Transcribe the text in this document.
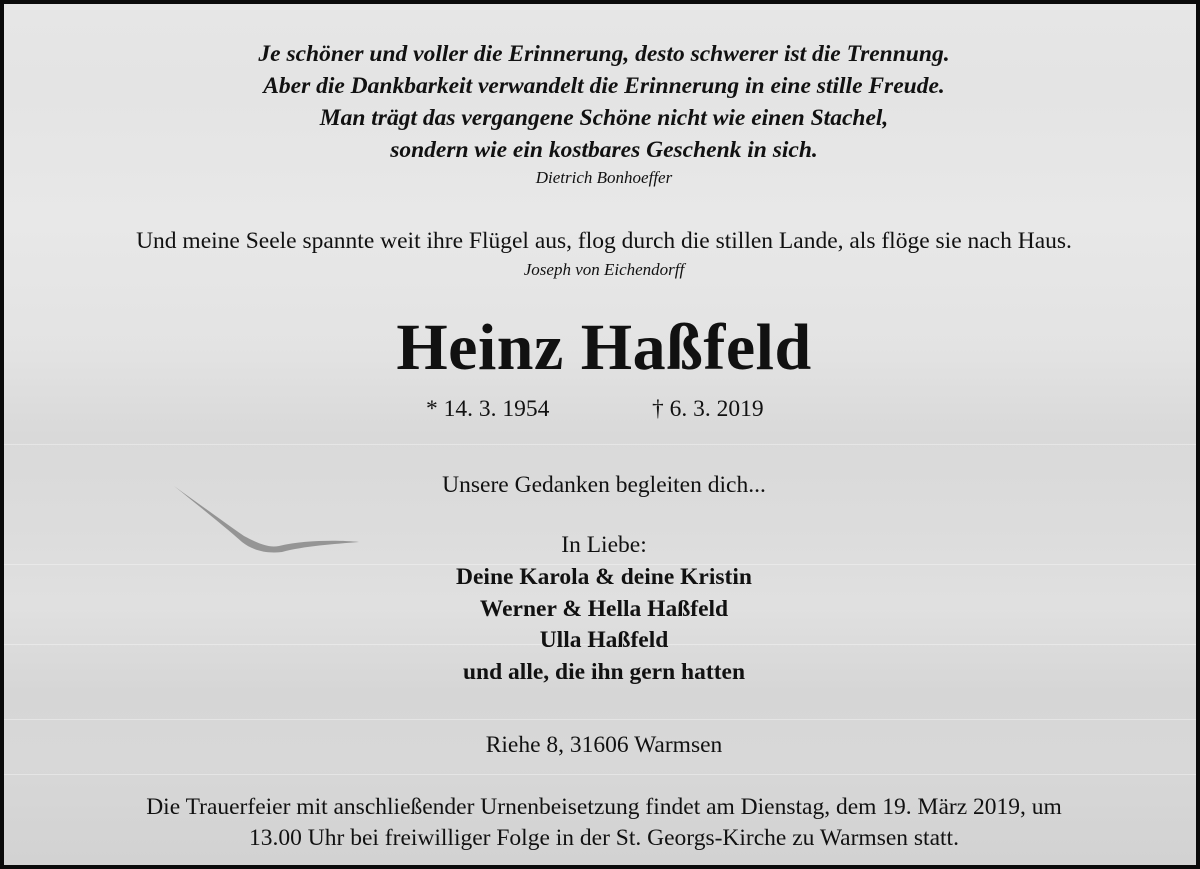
Je schöner und voller die Erinnerung, desto schwerer ist die Trennung.
Aber die Dankbarkeit verwandelt die Erinnerung in eine stille Freude.
Man trägt das vergangene Schöne nicht wie einen Stachel,
sondern wie ein kostbares Geschenk in sich.
Dietrich Bonhoeffer
Und meine Seele spannte weit ihre Flügel aus, flog durch die stillen Lande, als flöge sie nach Haus.
Joseph von Eichendorff
Heinz Haßfeld
* 14. 3. 1954	† 6. 3. 2019
Unsere Gedanken begleiten dich...
In Liebe:
Deine Karola & deine Kristin
Werner & Hella Haßfeld
Ulla Haßfeld
und alle, die ihn gern hatten
Riehe 8, 31606 Warmsen
Die Trauerfeier mit anschließender Urnenbeisetzung findet am Dienstag, dem 19. März 2019, um
13.00 Uhr bei freiwilliger Folge in der St. Georgs-Kirche zu Warmsen statt.
